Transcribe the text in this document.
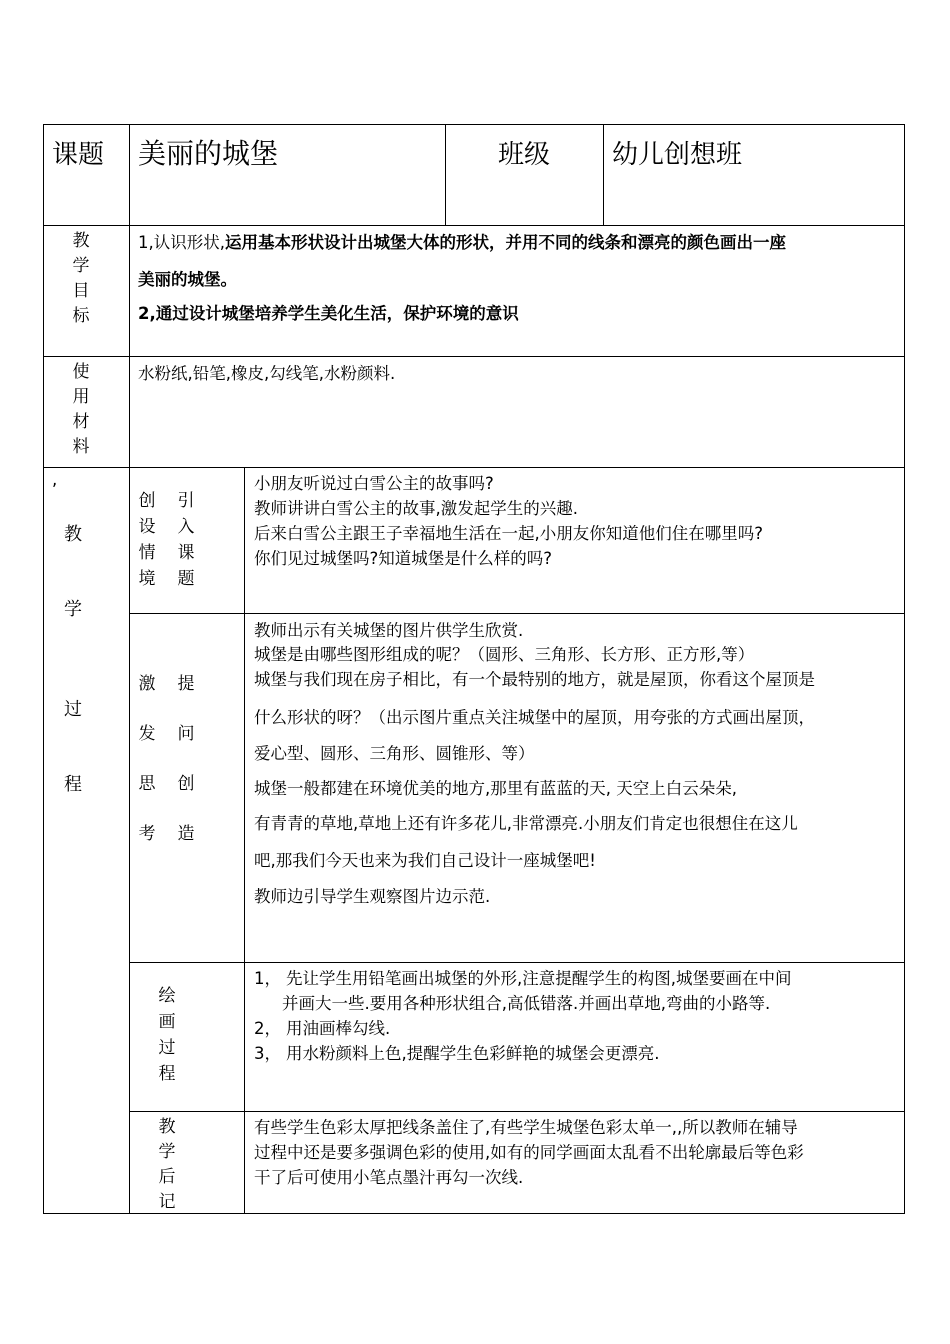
课题 美丽的城堡	班级 幼儿创想班
教
学
目
标
1,认识形状,运用基本形状设计出城堡大体的形状，并用不同的线条和漂亮的颜色画出一座
美丽的城堡。
2,通过设计城堡培养学生美化生活，保护环境的意识
使
用
材
料
水粉纸,铅笔,橡皮,勾线笔,水粉颜料.
,
教
学
过
程
创
设
情
境
引
入
课
题
小朋友听说过白雪公主的故事吗?
教师讲讲白雪公主的故事,激发起学生的兴趣.
后来白雪公主跟王子幸福地生活在一起,小朋友你知道他们住在哪里吗?
你们见过城堡吗?知道城堡是什么样的吗?
激
发
思
考
提
问
创
造
教师出示有关城堡的图片供学生欣赏.
城堡是由哪些图形组成的呢？（圆形、三角形、长方形、正方形,等）
城堡与我们现在房子相比，有一个最特别的地方，就是屋顶，你看这个屋顶是
什么形状的呀？（出示图片重点关注城堡中的屋顶，用夸张的方式画出屋顶，
爱心型、圆形、三角形、圆锥形、等）
城堡一般都建在环境优美的地方,那里有蓝蓝的天, 天空上白云朵朵,
有青青的草地,草地上还有许多花儿,非常漂亮.小朋友们肯定也很想住在这儿
吧,那我们今天也来为我们自己设计一座城堡吧!
教师边引导学生观察图片边示范.
绘
画
过
程
1， 先让学生用铅笔画出城堡的外形,注意提醒学生的构图,城堡要画在中间
并画大一些.要用各种形状组合,高低错落.并画出草地,弯曲的小路等.
2， 用油画棒勾线.
3， 用水粉颜料上色,提醒学生色彩鲜艳的城堡会更漂亮.
教
学
后
记
有些学生色彩太厚把线条盖住了,有些学生城堡色彩太单一,,所以教师在辅导
过程中还是要多强调色彩的使用,如有的同学画面太乱看不出轮廓最后等色彩
干了后可使用小笔点墨汁再勾一次线.
